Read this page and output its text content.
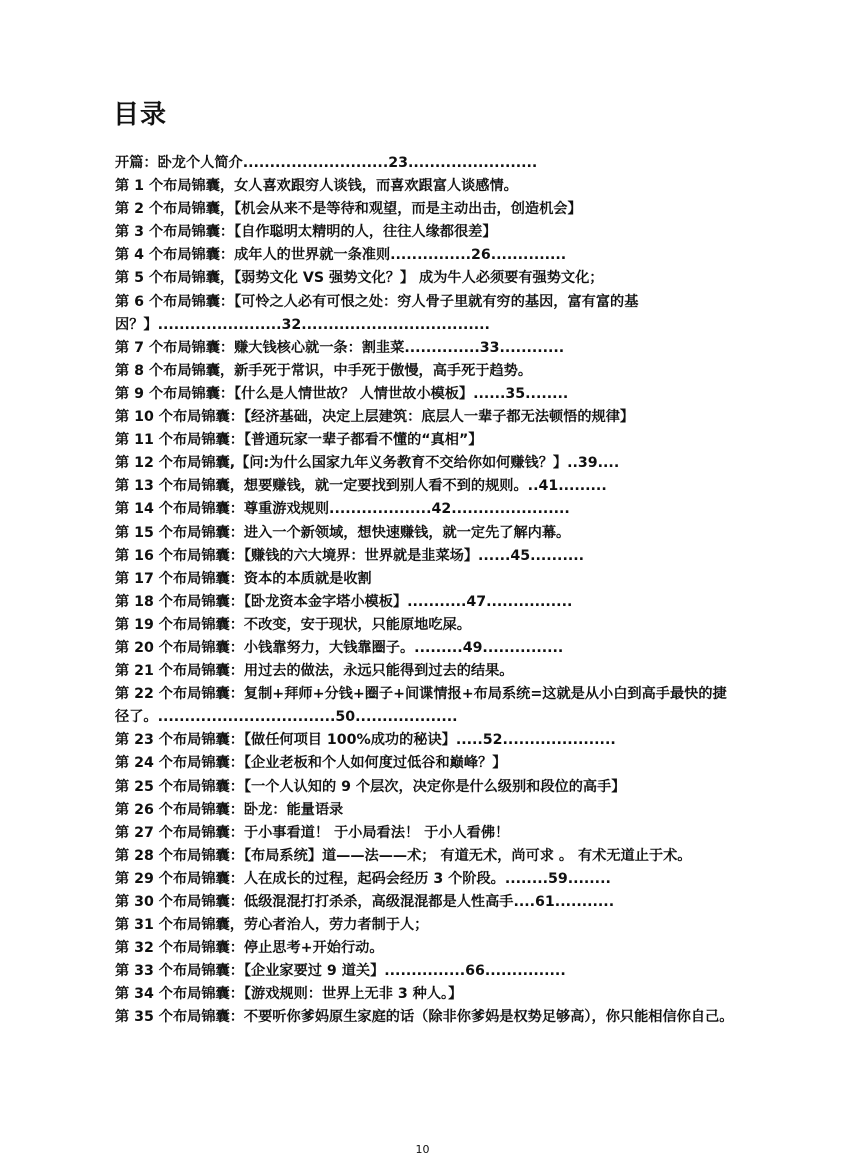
目录
开篇：卧龙个人简介...........................23........................
第 1 个布局锦囊，女人喜欢跟穷人谈钱，而喜欢跟富人谈感情。
第 2 个布局锦囊，【机会从来不是等待和观望，而是主动出击，创造机会】
第 3 个布局锦囊：【自作聪明太精明的人，往往人缘都很差】
第 4 个布局锦囊：成年人的世界就一条准则...............26..............
第 5 个布局锦囊，【弱势文化 VS 强势文化？】 成为牛人必须要有强势文化；
第 6 个布局锦囊：【可怜之人必有可恨之处：穷人骨子里就有穷的基因，富有富的基因？】.......................32...................................
第 7 个布局锦囊：赚大钱核心就一条：割韭菜..............33............
第 8 个布局锦囊，新手死于常识，中手死于傲慢，高手死于趋势。
第 9 个布局锦囊：【什么是人情世故？ 人情世故小模板】......35........
第 10 个布局锦囊：【经济基础，决定上层建筑：底层人一辈子都无法顿悟的规律】
第 11 个布局锦囊：【普通玩家一辈子都看不懂的“真相”】
第 12 个布局锦囊,【问:为什么国家九年义务教育不交给你如何赚钱？】..39....
第 13 个布局锦囊，想要赚钱，就一定要找到别人看不到的规则。..41.........
第 14 个布局锦囊：尊重游戏规则...................42......................
第 15 个布局锦囊：进入一个新领域，想快速赚钱，就一定先了解内幕。
第 16 个布局锦囊：【赚钱的六大境界：世界就是韭菜场】......45..........
第 17 个布局锦囊：资本的本质就是收割
第 18 个布局锦囊：【卧龙资本金字塔小模板】...........47................
第 19 个布局锦囊：不改变，安于现状，只能原地吃屎。
第 20 个布局锦囊：小钱靠努力，大钱靠圈子。.........49...............
第 21 个布局锦囊：用过去的做法，永远只能得到过去的结果。
第 22 个布局锦囊：复制+拜师+分钱+圈子+间谍情报+布局系统=这就是从小白到高手最快的捷径了。.................................50...................
第 23 个布局锦囊：【做任何项目 100%成功的秘诀】.....52.....................
第 24 个布局锦囊：【企业老板和个人如何度过低谷和巅峰？】
第 25 个布局锦囊：【一个人认知的 9 个层次，决定你是什么级别和段位的高手】
第 26 个布局锦囊：卧龙：能量语录
第 27 个布局锦囊：于小事看道！ 于小局看法！ 于小人看佛！
第 28 个布局锦囊：【布局系统】道——法——术； 有道无术，尚可求 。 有术无道止于术。
第 29 个布局锦囊：人在成长的过程，起码会经历 3 个阶段。........59........
第 30 个布局锦囊：低级混混打打杀杀，高级混混都是人性高手....61...........
第 31 个布局锦囊，劳心者治人，劳力者制于人；
第 32 个布局锦囊：停止思考+开始行动。
第 33 个布局锦囊：【企业家要过 9 道关】...............66...............
第 34 个布局锦囊：【游戏规则：世界上无非 3 种人。】
第 35 个布局锦囊：不要听你爹妈原生家庭的话（除非你爹妈是权势足够高），你只能相信你自己。
10
